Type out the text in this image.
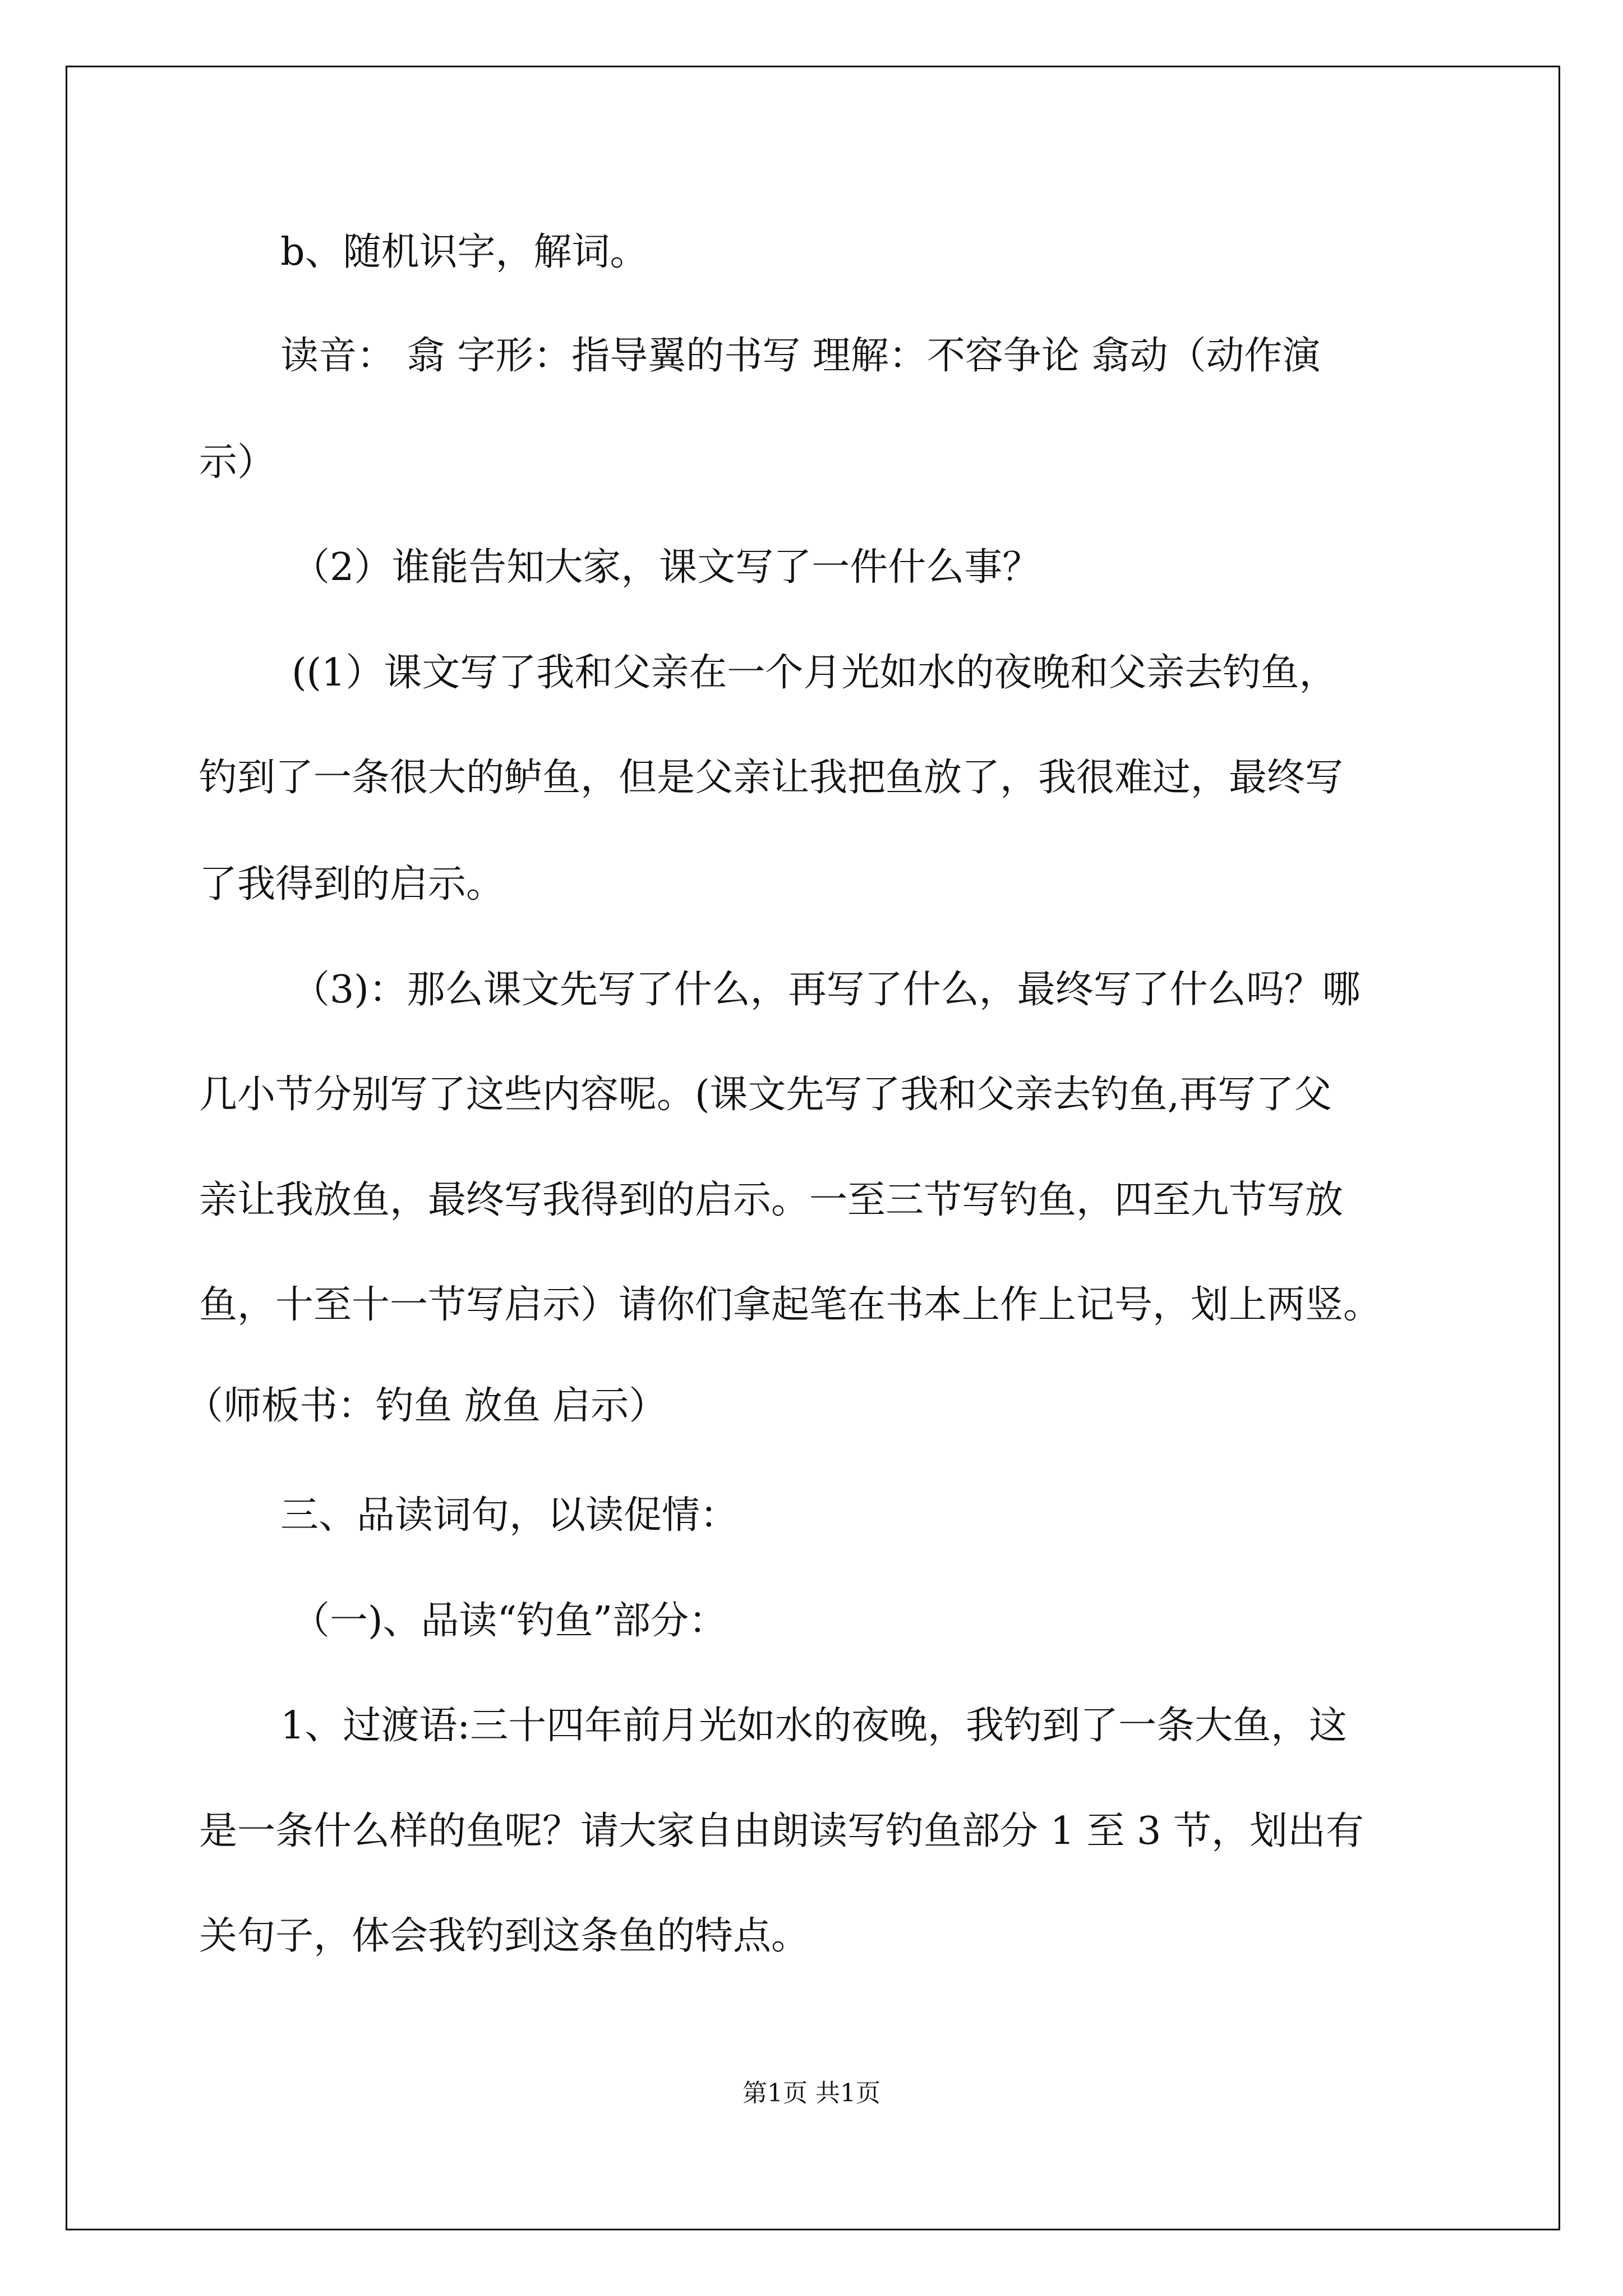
b、随机识字，解词。

读音： 翕 字形：指导翼的书写 理解：不容争论 翕动（动作演

示）

（2）谁能告知大家，课文写了一件什么事？

((1）课文写了我和父亲在一个月光如水的夜晚和父亲去钓鱼，

钓到了一条很大的鲈鱼，但是父亲让我把鱼放了，我很难过，最终写

了我得到的启示。

（3)：那么课文先写了什么，再写了什么，最终写了什么吗？哪

几小节分别写了这些内容呢。(课文先写了我和父亲去钓鱼,再写了父

亲让我放鱼，最终写我得到的启示。一至三节写钓鱼，四至九节写放

鱼，十至十一节写启示）请你们拿起笔在书本上作上记号，划上两竖。

（师板书：钓鱼 放鱼 启示）

三、品读词句，以读促情：

（一)、品读“钓鱼”部分：

1、过渡语:三十四年前月光如水的夜晚，我钓到了一条大鱼，这

是一条什么样的鱼呢？请大家自由朗读写钓鱼部分 1 至 3 节，划出有

关句子，体会我钓到这条鱼的特点。

第1页 共1页
